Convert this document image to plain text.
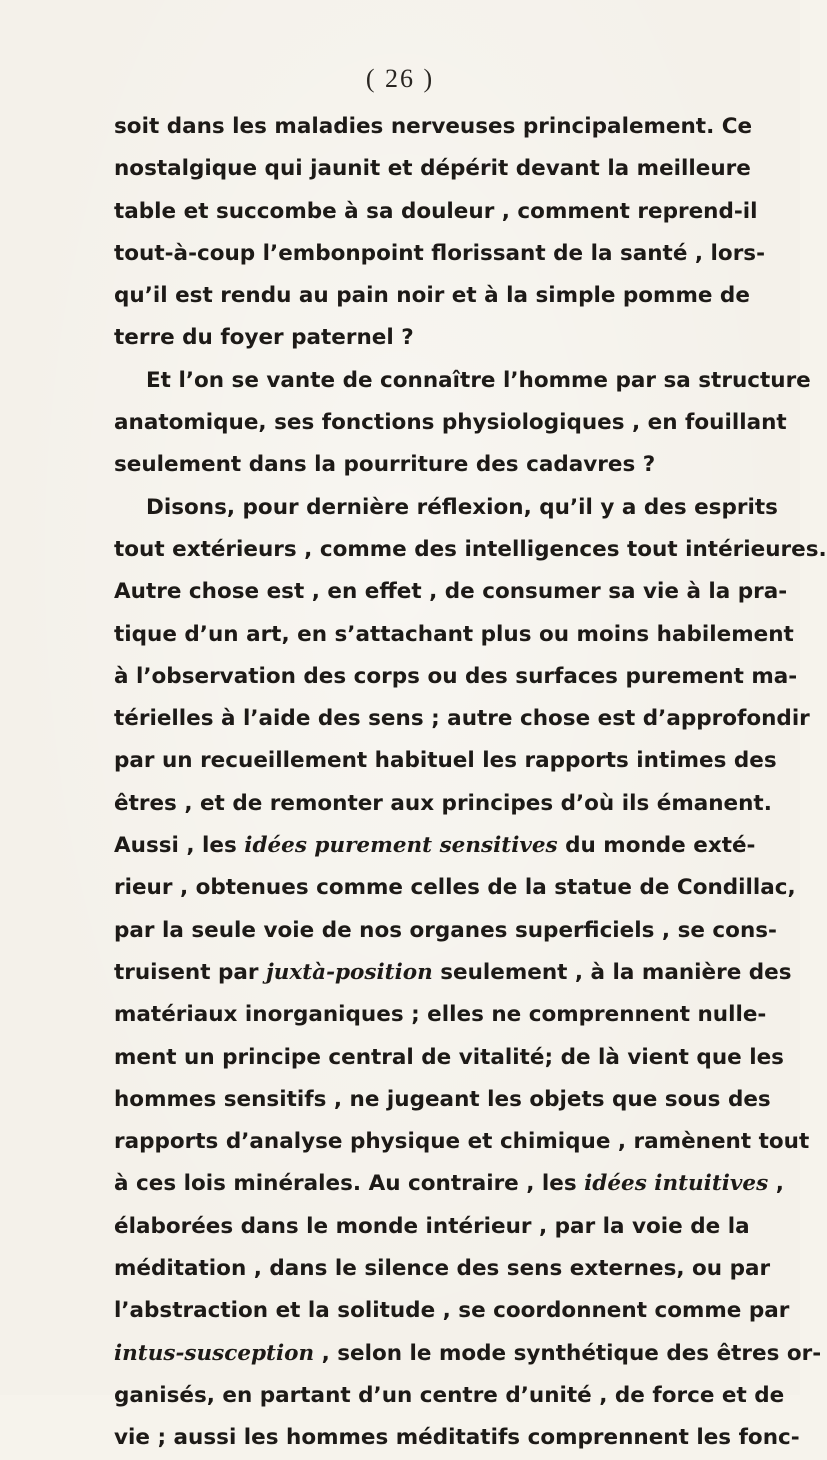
( 26 )
soit dans les maladies nerveuses principalement. Ce
nostalgique qui jaunit et dépérit devant la meilleure
table et succombe à sa douleur , comment reprend-il
tout-à-coup l’embonpoint florissant de la santé , lors-
qu’il est rendu au pain noir et à la simple pomme de
terre du foyer paternel ?
Et l’on se vante de connaître l’homme par sa structure
anatomique, ses fonctions physiologiques , en fouillant
seulement dans la pourriture des cadavres ?
Disons, pour dernière réflexion, qu’il y a des esprits
tout extérieurs , comme des intelligences tout intérieures.
Autre chose est , en effet , de consumer sa vie à la pra-
tique d’un art, en s’attachant plus ou moins habilement
à l’observation des corps ou des surfaces purement ma-
térielles à l’aide des sens ; autre chose est d’approfondir
par un recueillement habituel les rapports intimes des
êtres , et de remonter aux principes d’où ils émanent.
Aussi , les idées purement sensitives du monde exté-
rieur , obtenues comme celles de la statue de Condillac,
par la seule voie de nos organes superficiels , se cons-
truisent par juxtà-position seulement , à la manière des
matériaux inorganiques ; elles ne comprennent nulle-
ment un principe central de vitalité; de là vient que les
hommes sensitifs , ne jugeant les objets que sous des
rapports d’analyse physique et chimique , ramènent tout
à ces lois minérales. Au contraire , les idées intuitives ,
élaborées dans le monde intérieur , par la voie de la
méditation , dans le silence des sens externes, ou par
l’abstraction et la solitude , se coordonnent comme par
intus-susception , selon le mode synthétique des êtres or-
ganisés, en partant d’un centre d’unité , de force et de
vie ; aussi les hommes méditatifs comprennent les fonc-
